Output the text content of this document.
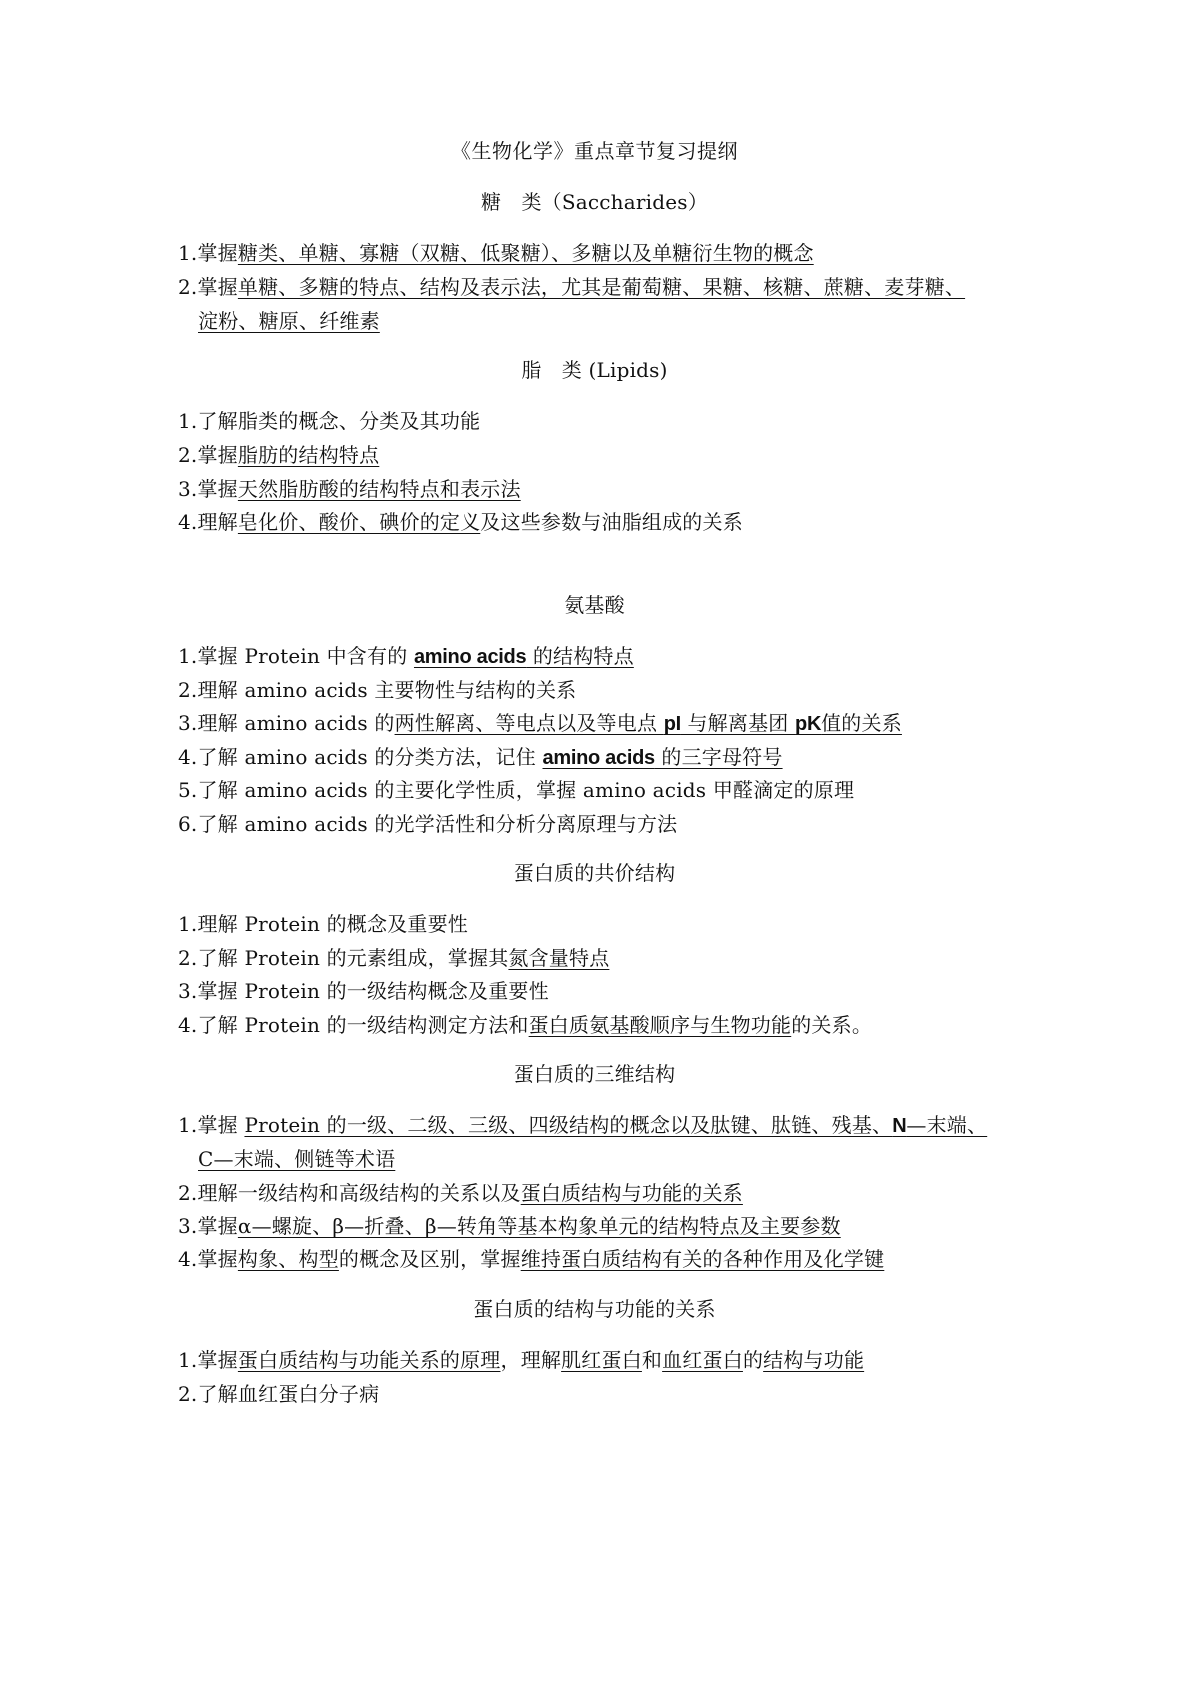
《生物化学》重点章节复习提纲
糖　类（Saccharides）
1.掌握糖类、单糖、寡糖（双糖、低聚糖）、多糖以及单糖衍生物的概念
2.掌握单糖、多糖的特点、结构及表示法，尤其是葡萄糖、果糖、核糖、蔗糖、麦芽糖、
淀粉、糖原、纤维素
脂　类 (Lipids)
1.了解脂类的概念、分类及其功能
2.掌握脂肪的结构特点
3.掌握天然脂肪酸的结构特点和表示法
4.理解皂化价、酸价、碘价的定义及这些参数与油脂组成的关系
氨基酸
1.掌握 Protein 中含有的 amino acids 的结构特点
2.理解 amino acids 主要物性与结构的关系
3.理解 amino acids 的两性解离、等电点以及等电点 pI 与解离基团 pK值的关系
4.了解 amino acids 的分类方法，记住 amino acids 的三字母符号
5.了解 amino acids 的主要化学性质，掌握 amino acids 甲醛滴定的原理
6.了解 amino acids 的光学活性和分析分离原理与方法
蛋白质的共价结构
1.理解 Protein 的概念及重要性
2.了解 Protein 的元素组成，掌握其氮含量特点
3.掌握 Protein 的一级结构概念及重要性
4.了解 Protein 的一级结构测定方法和蛋白质氨基酸顺序与生物功能的关系。
蛋白质的三维结构
1.掌握 Protein 的一级、二级、三级、四级结构的概念以及肽键、肽链、残基、N—末端、
C—末端、侧链等术语
2.理解一级结构和高级结构的关系以及蛋白质结构与功能的关系
3.掌握α—螺旋、β—折叠、β—转角等基本构象单元的结构特点及主要参数
4.掌握构象、构型的概念及区别，掌握维持蛋白质结构有关的各种作用及化学键
蛋白质的结构与功能的关系
1.掌握蛋白质结构与功能关系的原理，理解肌红蛋白和血红蛋白的结构与功能
2.了解血红蛋白分子病
